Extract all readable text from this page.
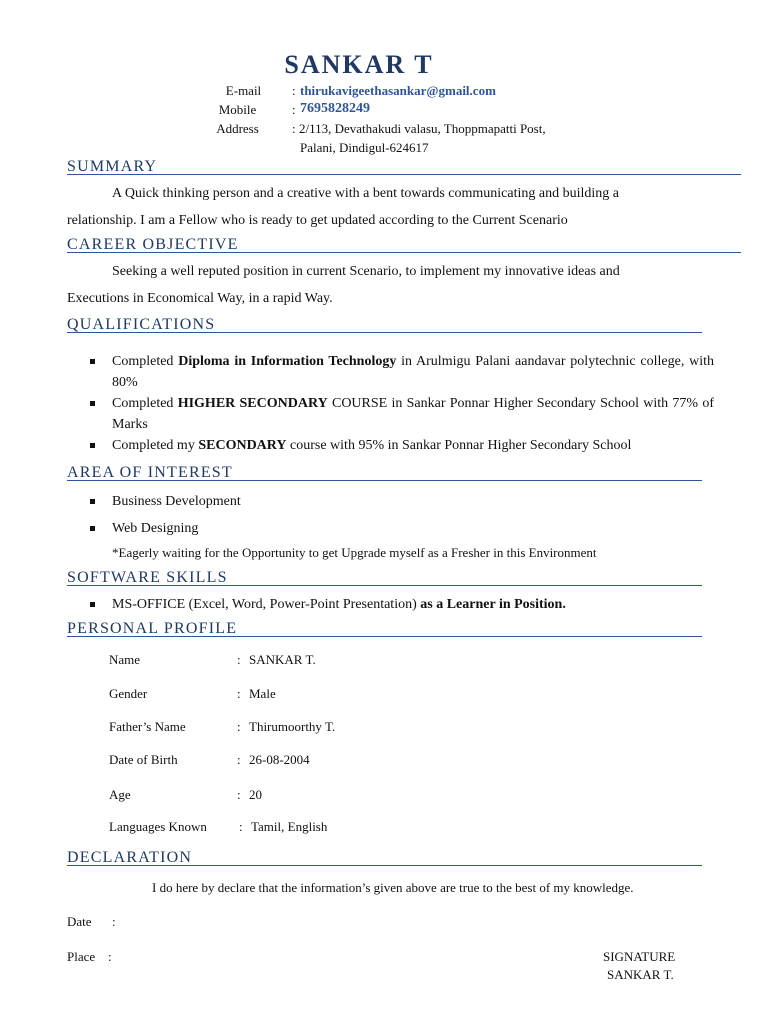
SANKAR T
E-mail	: thirukavigeethasankar@gmail.com
Mobile	: 7695828249
Address	: 2/113, Devathakudi valasu, Thoppmapatti Post,
Palani, Dindigul-624617
SUMMARY
A Quick thinking person and a creative with a bent towards communicating and building a
relationship. I am a Fellow who is ready to get updated according to the Current Scenario
CAREER OBJECTIVE
Seeking a well reputed position in current Scenario, to implement my innovative ideas and
Executions in Economical Way, in a rapid Way.
QUALIFICATIONS
Completed Diploma in Information Technology in Arulmigu Palani aandavar polytechnic college, with 80%
Completed HIGHER SECONDARY COURSE in Sankar Ponnar Higher Secondary School with 77% of Marks
Completed my SECONDARY course with 95% in Sankar Ponnar Higher Secondary School
AREA OF INTEREST
Business Development
Web Designing
*Eagerly waiting for the Opportunity to get Upgrade myself as a Fresher in this Environment
SOFTWARE SKILLS
MS-OFFICE (Excel, Word, Power-Point Presentation) as a Learner in Position.
PERSONAL PROFILE
Name	: SANKAR T.
Gender	: Male
Father’s Name	: Thirumoorthy T.
Date of Birth	: 26-08-2004
Age	: 20
Languages Known	: Tamil, English
DECLARATION
I do here by declare that the information’s given above are true to the best of my knowledge.
Date :
Place :	SIGNATURE
SANKAR T.
